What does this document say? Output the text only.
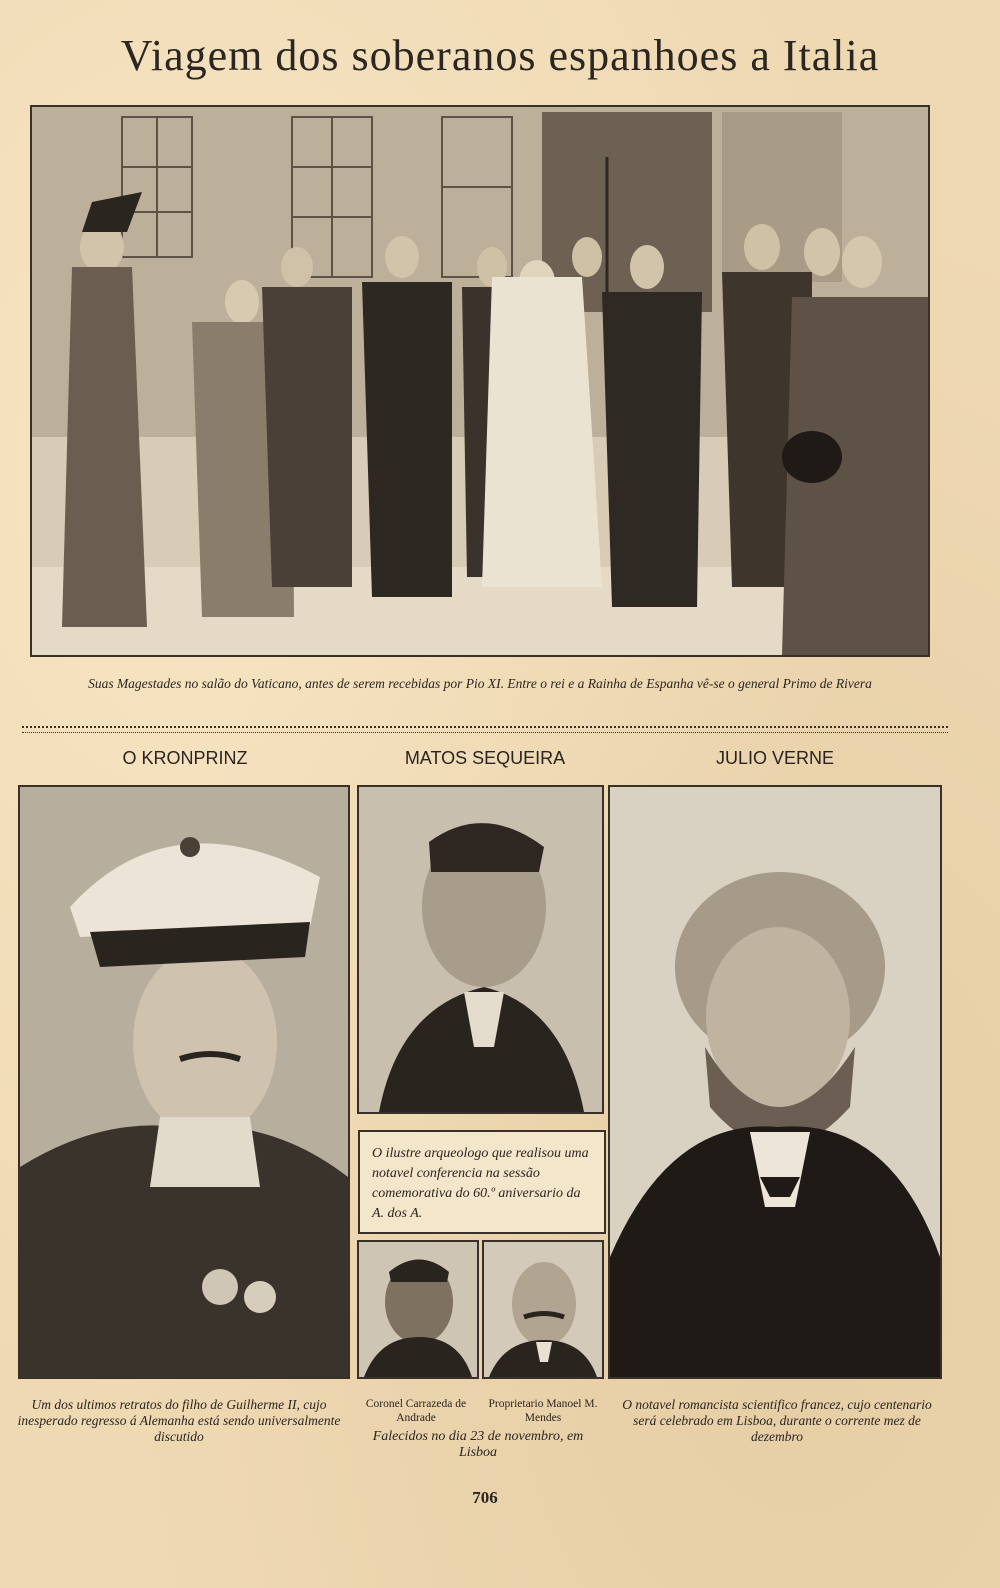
Viagem dos soberanos espanhoes a Italia
Suas Magestades no salão do Vaticano, antes de serem recebidas por Pio XI. Entre o rei e a Rainha de Espanha vê-se o general Primo de Rivera
O KRONPRINZ	MATOS SEQUEIRA	JULIO VERNE

O ilustre arqueologo que realisou uma notavel conferencia na sessão comemorativa do 60.º aniversario da A. dos A.

Um dos ultimos retratos do filho de Guilherme II, cujo inesperado regresso á Alemanha está sendo universalmente discutido
Coronel Carrazeda de Andrade
Proprietario Manoel M. Mendes
Falecidos no dia 23 de novembro, em Lisboa
O notavel romancista scientifico francez, cujo centenario será celebrado em Lisboa, durante o corrente mez de dezembro
706
